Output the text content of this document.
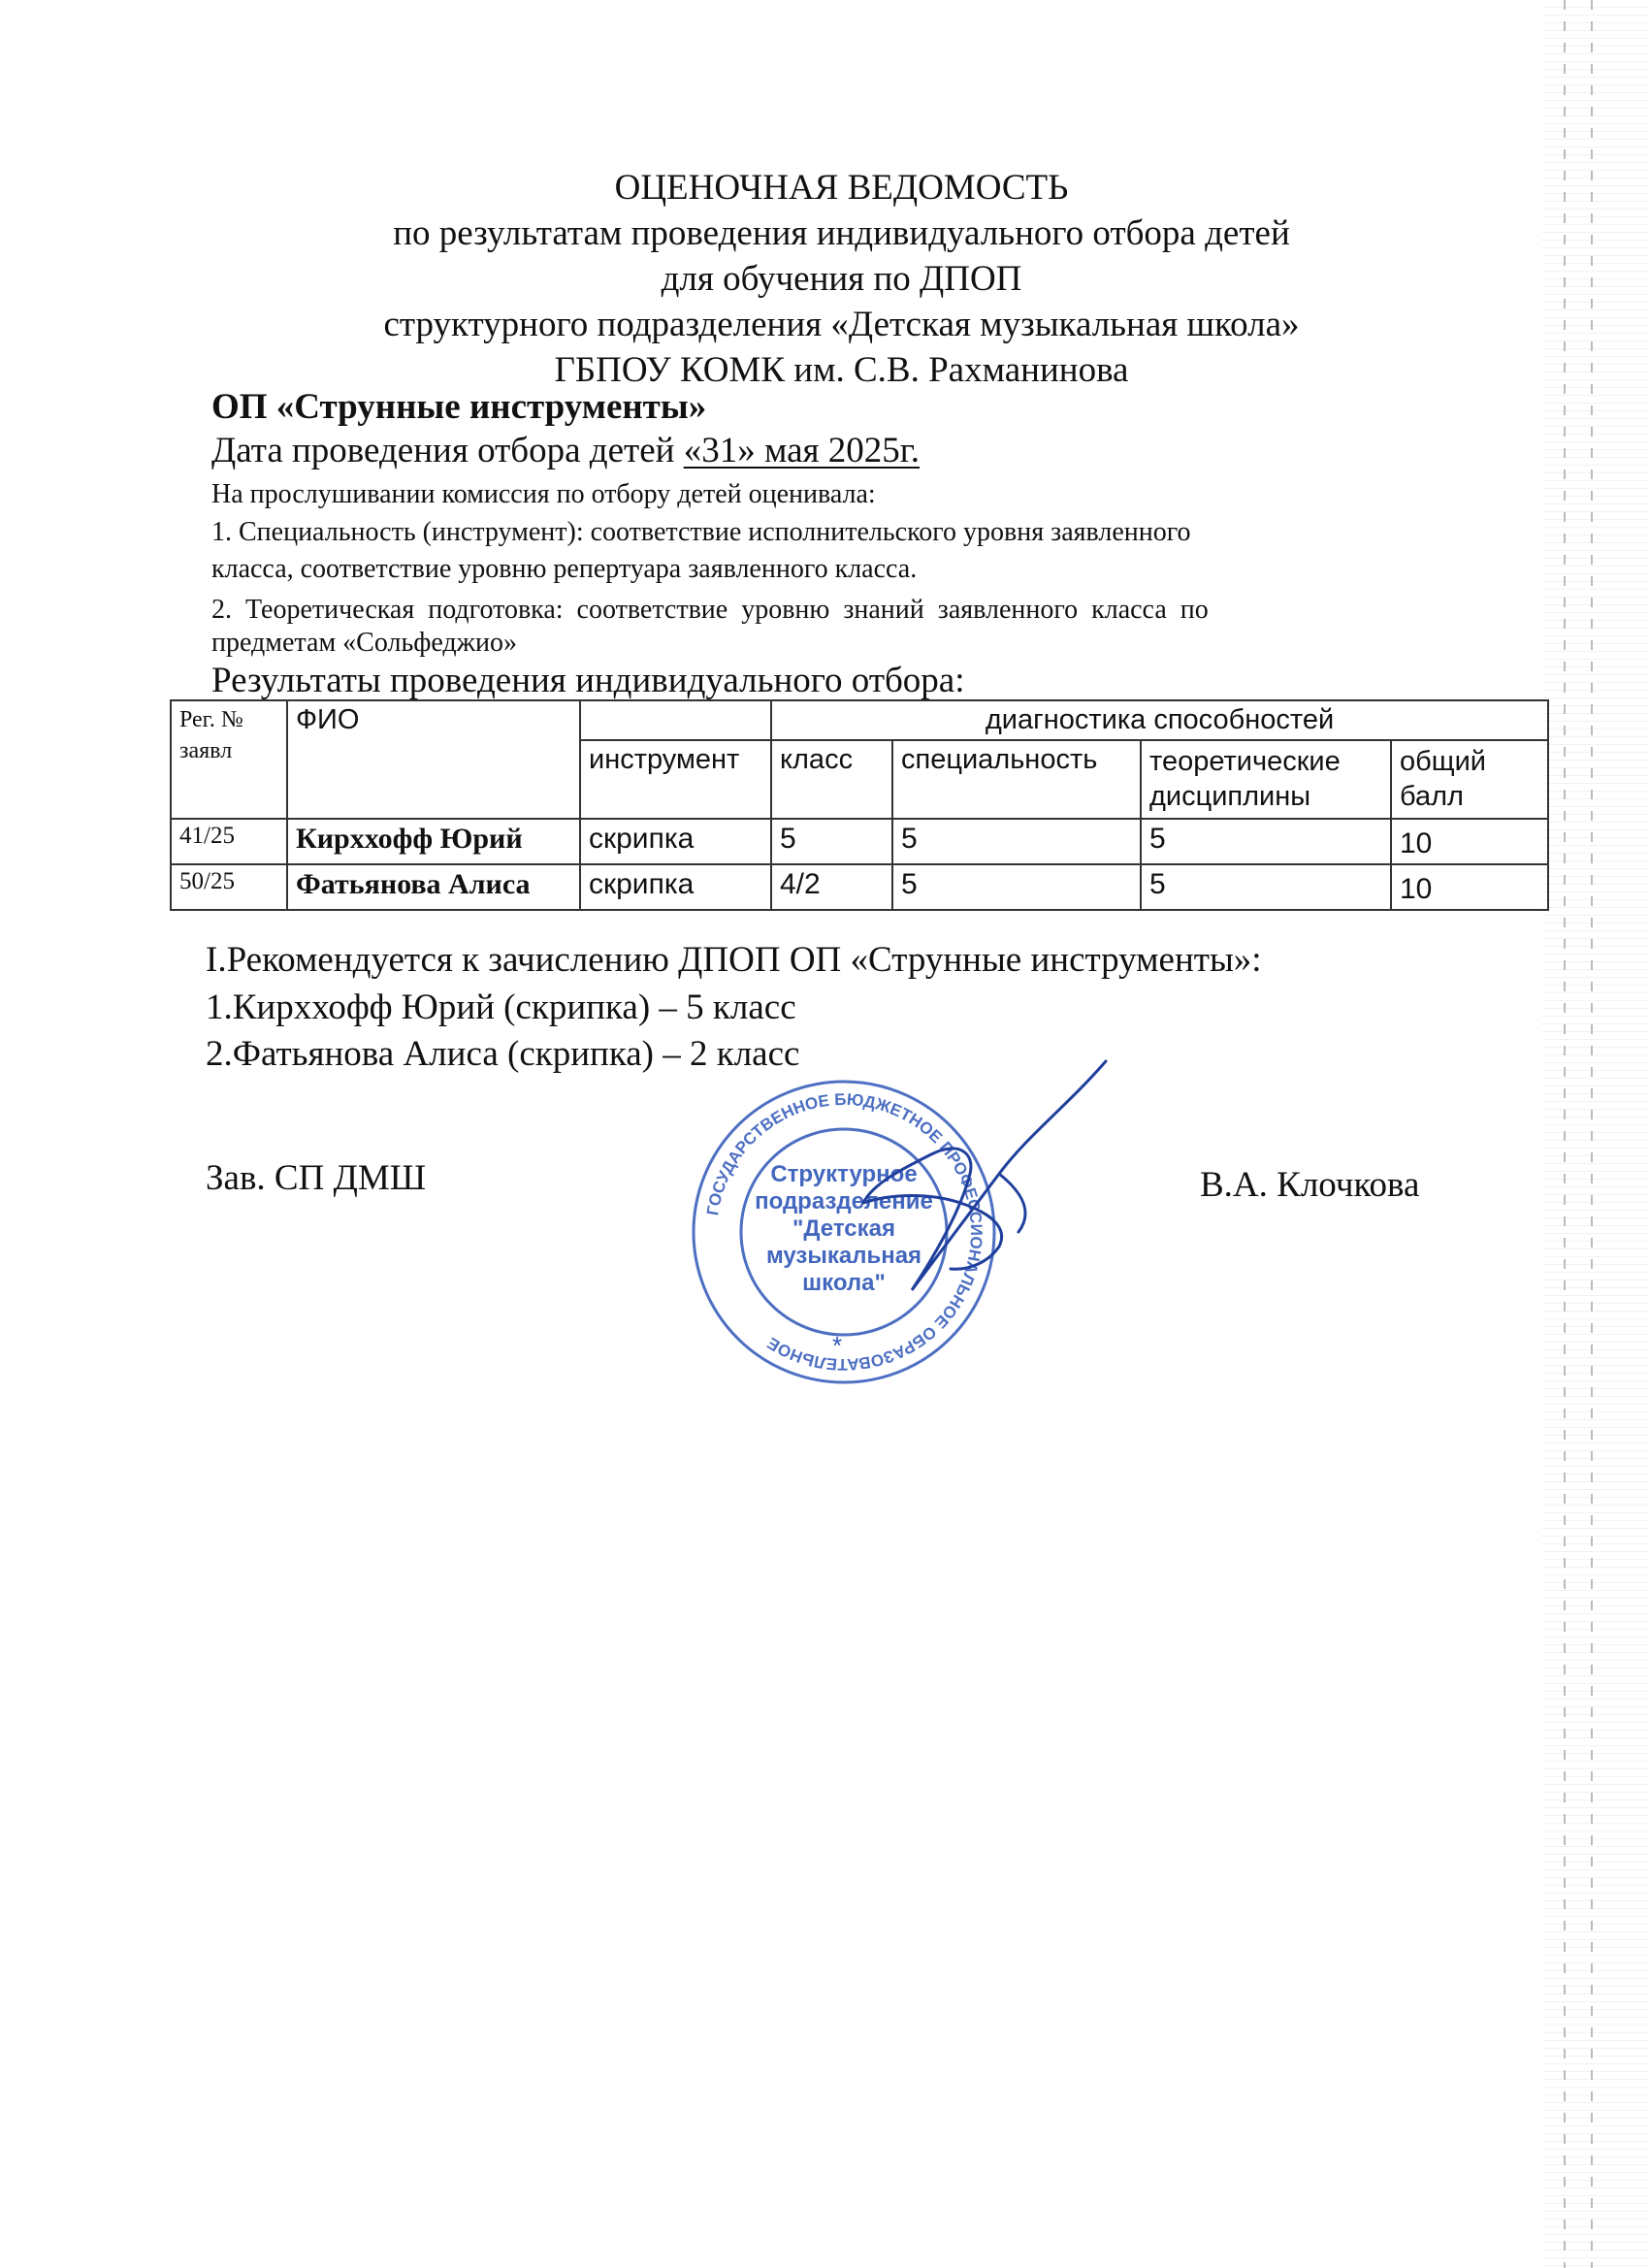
ОЦЕНОЧНАЯ ВЕДОМОСТЬ
по результатам проведения индивидуального отбора детей
для обучения по ДПОП
структурного подразделения «Детская музыкальная школа»
ГБПОУ КОМК им. С.В. Рахманинова
ОП «Струнные инструменты»
Дата проведения отбора детей «31» мая 2025г.
На прослушивании комиссия по отбору детей оценивала:
1. Специальность (инструмент): соответствие исполнительского уровня заявленного
класса, соответствие уровню репертуара заявленного класса.
2.  Теоретическая  подготовка:  соответствие  уровню  знаний  заявленного  класса  по
предметам «Сольфеджио»
Результаты проведения индивидуального отбора:
Рег. № заявл	ФИО		диагностика способностей			
		инструмент	класс	специальность	теоретические дисциплины	общий балл
41/25	Кирххофф Юрий	скрипка	5	5	5	10
50/25	Фатьянова Алиса	скрипка	4/2	5	5	10
I.Рекомендуется к зачислению ДПОП ОП «Струнные инструменты»:
1.Кирххофф Юрий (скрипка) – 5 класс
2.Фатьянова Алиса (скрипка) – 2 класс
Зав. СП ДМШ	В.А. Клочкова
ГОСУДАРСТВЕННОЕ БЮДЖЕТНОЕ ПРОФЕССИОНАЛЬНОЕ ОБРАЗОВАТЕЛЬНОЕ
Структурное
подразделение
"Детская
музыкальная
школа"
*
